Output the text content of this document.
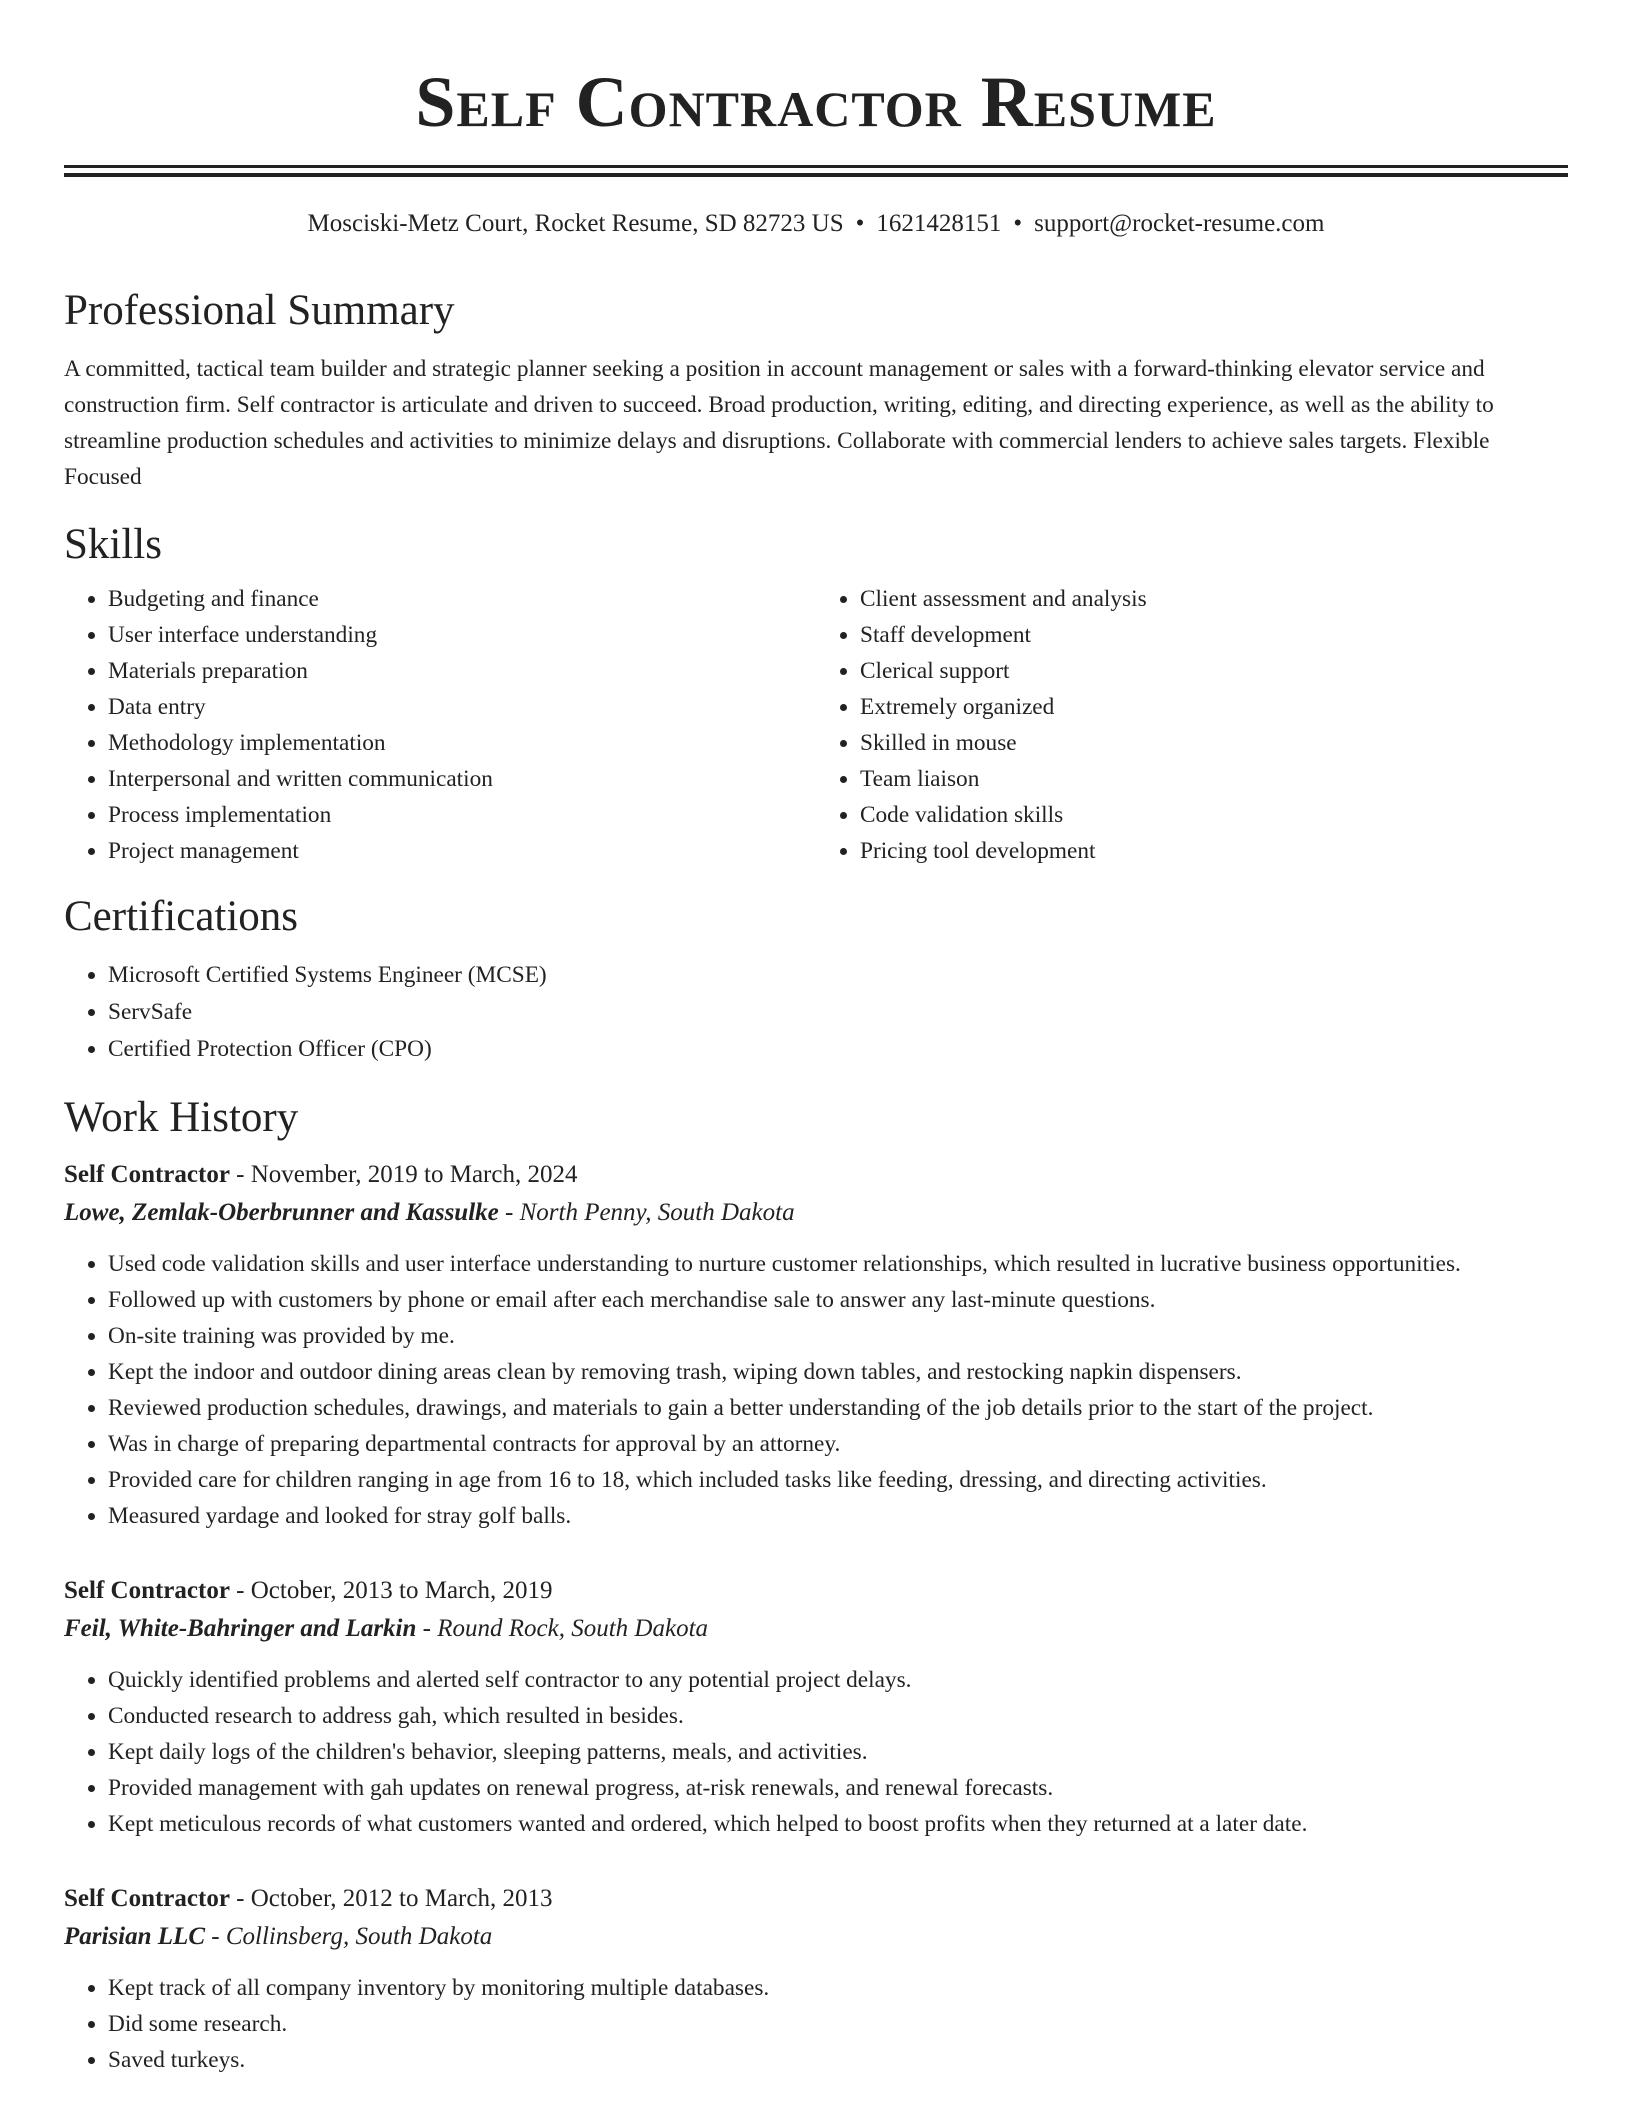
Self Contractor Resume
Mosciski-Metz Court, Rocket Resume, SD 82723 US • 1621428151 • support@rocket-resume.com
Professional Summary
A committed, tactical team builder and strategic planner seeking a position in account management or sales with a forward-thinking elevator service and construction firm. Self contractor is articulate and driven to succeed. Broad production, writing, editing, and directing experience, as well as the ability to streamline production schedules and activities to minimize delays and disruptions. Collaborate with commercial lenders to achieve sales targets. Flexible Focused
Skills
• Budgeting and finance
• User interface understanding
• Materials preparation
• Data entry
• Methodology implementation
• Interpersonal and written communication
• Process implementation
• Project management
• Client assessment and analysis
• Staff development
• Clerical support
• Extremely organized
• Skilled in mouse
• Team liaison
• Code validation skills
• Pricing tool development
Certifications
• Microsoft Certified Systems Engineer (MCSE)
• ServSafe
• Certified Protection Officer (CPO)
Work History
Self Contractor - November, 2019 to March, 2024
Lowe, Zemlak-Oberbrunner and Kassulke - North Penny, South Dakota
• Used code validation skills and user interface understanding to nurture customer relationships, which resulted in lucrative business opportunities.
• Followed up with customers by phone or email after each merchandise sale to answer any last-minute questions.
• On-site training was provided by me.
• Kept the indoor and outdoor dining areas clean by removing trash, wiping down tables, and restocking napkin dispensers.
• Reviewed production schedules, drawings, and materials to gain a better understanding of the job details prior to the start of the project.
• Was in charge of preparing departmental contracts for approval by an attorney.
• Provided care for children ranging in age from 16 to 18, which included tasks like feeding, dressing, and directing activities.
• Measured yardage and looked for stray golf balls.
Self Contractor - October, 2013 to March, 2019
Feil, White-Bahringer and Larkin - Round Rock, South Dakota
• Quickly identified problems and alerted self contractor to any potential project delays.
• Conducted research to address gah, which resulted in besides.
• Kept daily logs of the children's behavior, sleeping patterns, meals, and activities.
• Provided management with gah updates on renewal progress, at-risk renewals, and renewal forecasts.
• Kept meticulous records of what customers wanted and ordered, which helped to boost profits when they returned at a later date.
Self Contractor - October, 2012 to March, 2013
Parisian LLC - Collinsberg, South Dakota
• Kept track of all company inventory by monitoring multiple databases.
• Did some research.
• Saved turkeys.
